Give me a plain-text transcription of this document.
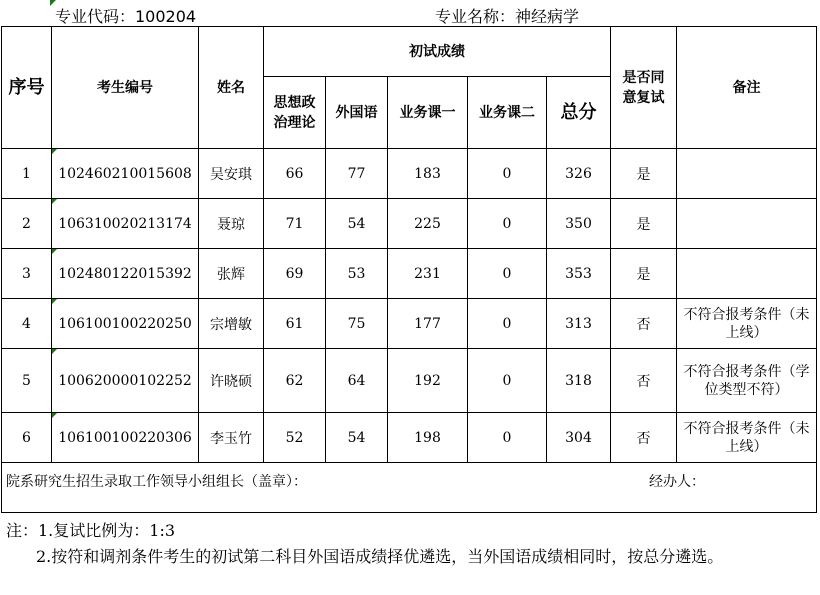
专业代码：100204	专业名称：神经病学
序号	考生编号	姓名	初试成绩					是否同意复试	备注
			思想政治理论	外国语	业务课一	业务课二	总分		
1	102460210015608	吴安琪	66	77	183	0	326	是	
2	106310020213174	聂琼	71	54	225	0	350	是	
3	102480122015392	张辉	69	53	231	0	353	是	
4	106100100220250	宗增敏	61	75	177	0	313	否	不符合报考条件（未上线）
5	100620000102252	许晓硕	62	64	192	0	318	否	不符合报考条件（学位类型不符）
6	106100100220306	李玉竹	52	54	198	0	304	否	不符合报考条件（未上线）

院系研究生招生录取工作领导小组组长（盖章）： 经办人：									
注：1.复试比例为：1:3
2.按符和调剂条件考生的初试第二科目外国语成绩择优遴选，当外国语成绩相同时，按总分遴选。
